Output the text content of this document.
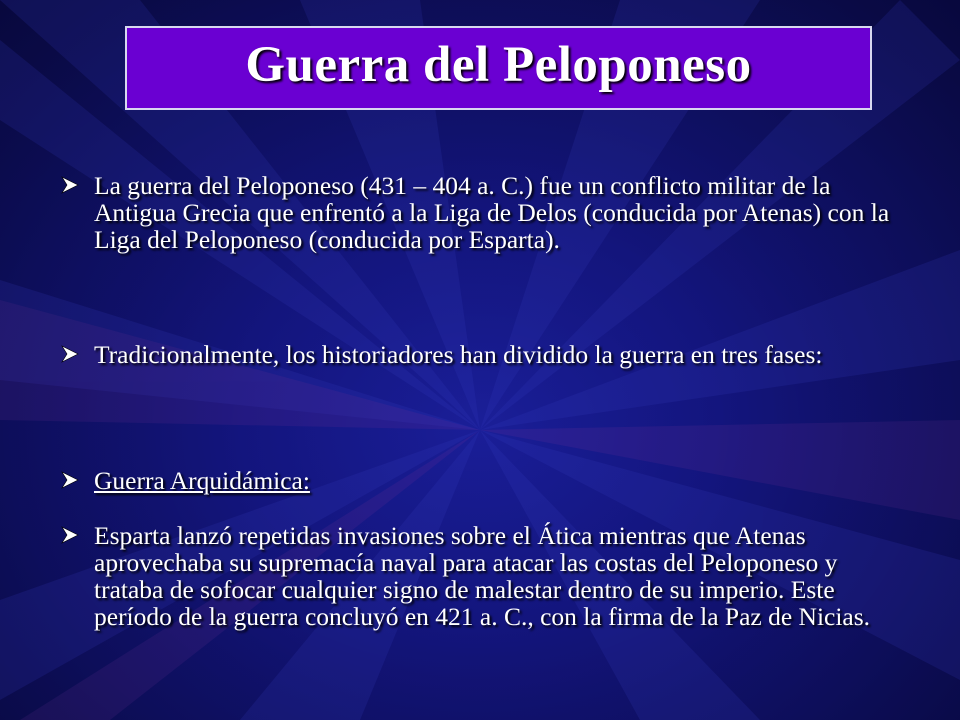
Guerra del Peloponeso
La guerra del Peloponeso (431 – 404 a. C.) fue un conflicto militar de la Antigua Grecia que enfrentó a la Liga de Delos (conducida por Atenas) con la Liga del Peloponeso (conducida por Esparta).
Tradicionalmente, los historiadores han dividido la guerra en tres fases:
Guerra Arquidámica:
Esparta lanzó repetidas invasiones sobre el Ática mientras que Atenas aprovechaba su supremacía naval para atacar las costas del Peloponeso y trataba de sofocar cualquier signo de malestar dentro de su imperio. Este período de la guerra concluyó en 421 a. C., con la firma de la Paz de Nicias.
